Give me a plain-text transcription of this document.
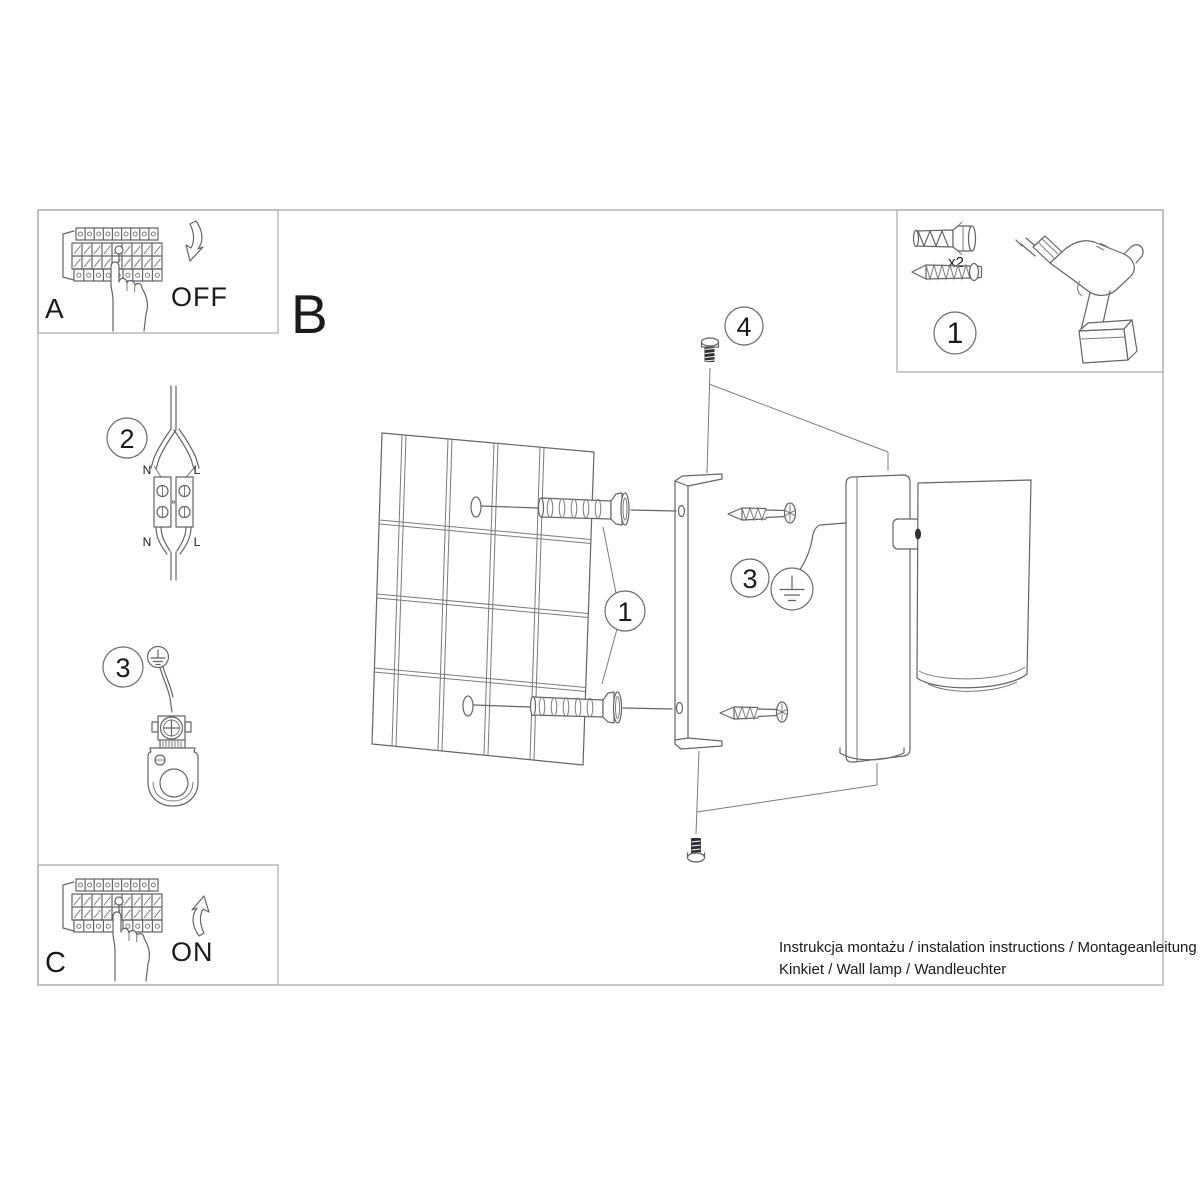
A	OFF B
x2
1
2
N	L
N	L
3
1
3
4
C	ON	Instrukcja montażu / instalation instructions / Montageanleitung
Kinkiet / Wall lamp / Wandleuchter
